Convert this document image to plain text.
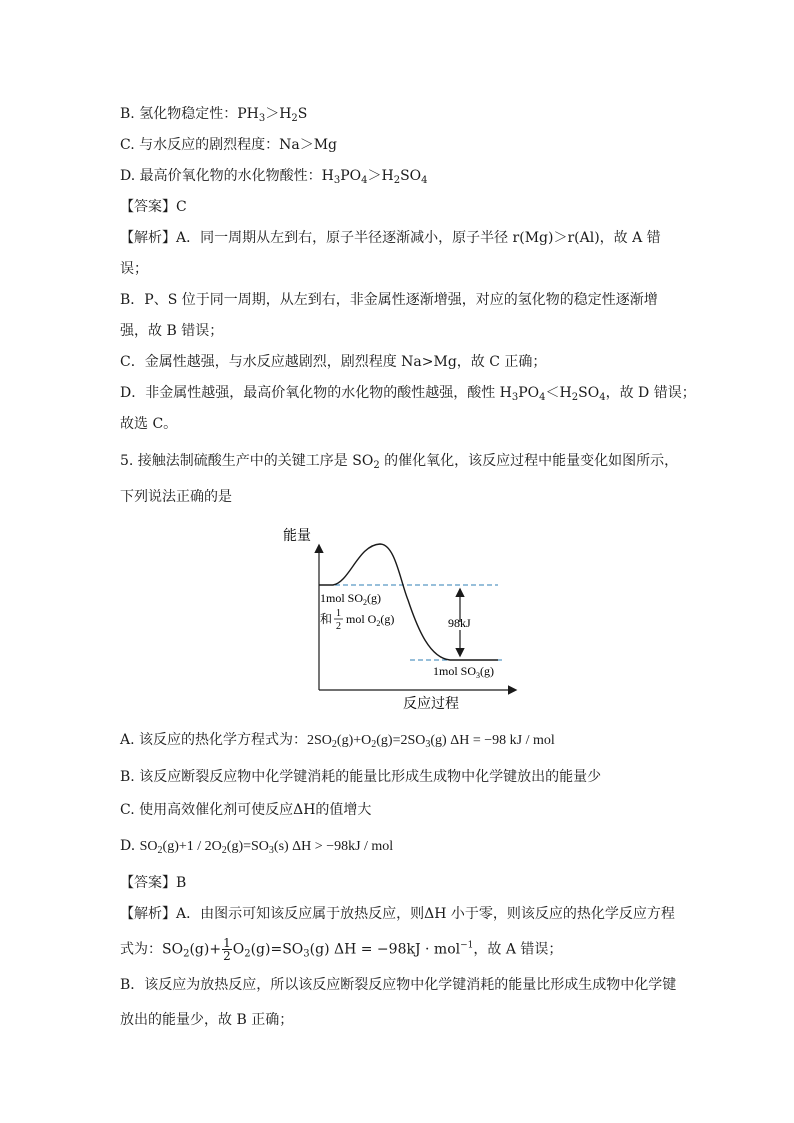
B. 氢化物稳定性：$PH_3>H_2S$
C. 与水反应的剧烈程度：Na＞Mg
D. 最高价氧化物的水化物酸性：$H_3PO_4>H_2SO_4$
【答案】C
【解析】A．同一周期从左到右，原子半径逐渐减小，原子半径 r(Mg)＞r(Al)，故 A 错
误；
B．P、S 位于同一周期，从左到右，非金属性逐渐增强，对应的氢化物的稳定性逐渐增
强，故 B 错误；
C．金属性越强，与水反应越剧烈，剧烈程度 Na>Mg，故 C 正确；
D．非金属性越强，最高价氧化物的水化物的酸性越强，酸性 $H_3PO_4<H_2SO_4$，故 D 错误；
故选 C。
5. 接触法制硫酸生产中的关键工序是 $SO_2$ 的催化氧化，该反应过程中能量变化如图所示，
下列说法正确的是
能量
反应过程
98kJ
1mol $SO_2(g)$
和 1
2
mol $O_2(g)$
1mol $SO_3(g)$
A. 该反应的热化学方程式为：$2SO_2(g)+O_2(g)=2SO_3(g) \Delta H = -98$ kJ / mol
B. 该反应断裂反应物中化学键消耗的能量比形成生成物中化学键放出的能量少
C. 使用高效催化剂可使反应ΔH的值增大
D. $SO_2(g)+1 / 2O_2(g)=SO_3(s) \Delta H > -98kJ$ / mol
【答案】B
【解析】A．由图示可知该反应属于放热反应，则ΔH 小于零，则该反应的热化学反应方程
式为：$SO_2(g)+ \frac{1}{2} O_2(g)=SO_3(g) \Delta H = -98kJ \cdot mol^{-1}$，故 A 错误；
B．该反应为放热反应，所以该反应断裂反应物中化学键消耗的能量比形成生成物中化学键
放出的能量少，故 B 正确；
